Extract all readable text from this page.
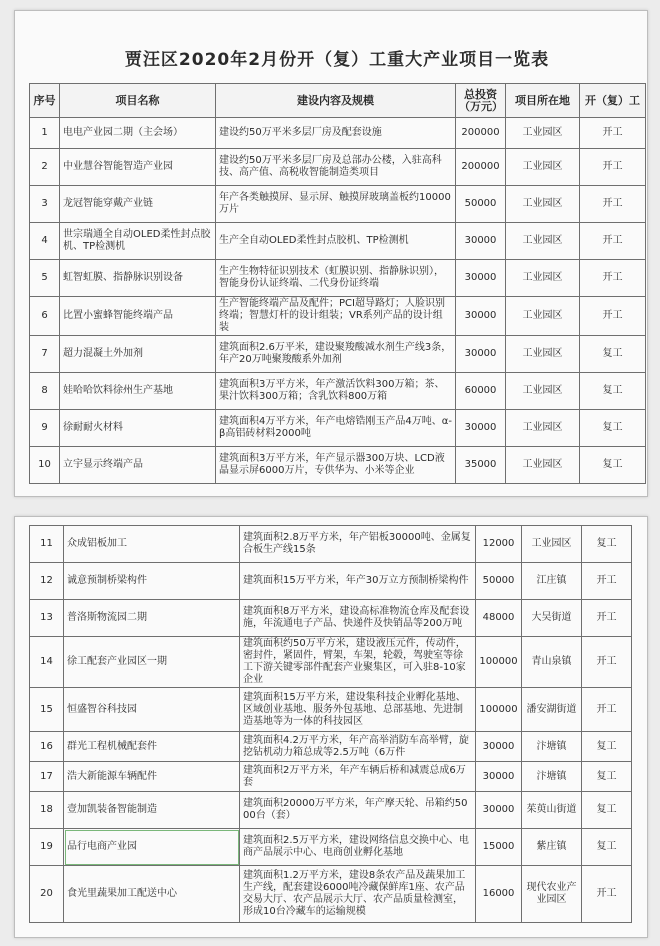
贾汪区2020年2月份开（复）工重大产业项目一览表
序号	项目名称	建设内容及规模	总投资（万元）	项目所在地	开（复）工
1	电电产业园二期（主会场）	建设约50万平米多层厂房及配套设施	200000	工业园区	开工
2	中业慧谷智能智造产业园	建设约50万平米多层厂房及总部办公楼，入驻高科技、高产值、高税收智能制造类项目	200000	工业园区	开工
3	龙冠智能穿戴产业链	年产各类触摸屏、显示屏、触摸屏玻璃盖板约10000万片	50000	工业园区	开工
4	世宗瑞通全自动OLED柔性封点胶机、TP检测机	生产全自动OLED柔性封点胶机、TP检测机	30000	工业园区	开工
5	虹智虹膜、指静脉识别设备	生产生物特征识别技术（虹膜识别、指静脉识别），智能身份认证终端、二代身份证终端	30000	工业园区	开工
6	比置小蜜蜂智能终端产品	生产智能终端产品及配件；PCI超导路灯；人脸识别终端；智慧灯杆的设计组装；VR系列产品的设计组装	30000	工业园区	开工
7	超力混凝土外加剂	建筑面积2.6万平米，建设聚羧酸减水剂生产线3条，年产20万吨聚羧酸系外加剂	30000	工业园区	复工
8	娃哈哈饮料徐州生产基地	建筑面积3万平方米，年产激活饮料300万箱；茶、果汁饮料300万箱；含乳饮料800万箱	60000	工业园区	复工
9	徐耐耐火材料	建筑面积4万平方米，年产电熔锆刚玉产品4万吨、α-β高铝砖材料2000吨	30000	工业园区	复工
10	立宇显示终端产品	建筑面积3万平方米，年产显示器300万块、LCD液晶显示屏6000万片，专供华为、小米等企业	35000	工业园区	复工
11	众成铝板加工	建筑面积2.8万平方米，年产铝板30000吨、金属复合板生产线15条	12000	工业园区	复工
12	诚意预制桥梁构件	建筑面积15万平方米，年产30万立方预制桥梁构件	50000	江庄镇	开工
13	普洛斯物流园二期	建筑面积8万平方米，建设高标准物流仓库及配套设施，年流通电子产品、快递件及快销品等200万吨	48000	大吴街道	开工
14	徐工配套产业园区一期	建筑面积约50万平方米，建设液压元件，传动件，密封件，紧固件，臂架，车架，轮毂，驾驶室等徐工下游关键零部件配套产业聚集区，可入驻8-10家企业	100000	青山泉镇	开工
15	恒盛智谷科技园	建筑面积15万平方米，建设集科技企业孵化基地、区域创业基地、服务外包基地、总部基地、先进制造基地等为一体的科技园区	100000	潘安湖街道	开工
16	群光工程机械配套件	建筑面积4.2万平方米，年产高举消防车高举臂，旋挖钻机动力箱总成等2.5万吨（6万件	30000	汴塘镇	复工
17	浩大新能源车辆配件	建筑面积2万平方米，年产车辆后桥和减震总成6万套	30000	汴塘镇	复工
18	壹加凯装备智能制造	建筑面积20000万平方米，年产摩天轮、吊箱约5000台（套）	30000	茱萸山街道	复工
19	品行电商产业园	建筑面积2.5万平方米，建设网络信息交换中心、电商产品展示中心、电商创业孵化基地	15000	紫庄镇	复工
20	食光里蔬果加工配送中心	建筑面积1.2万平方米，建设8条农产品及蔬果加工生产线，配套建设6000吨冷藏保鲜库1座、农产品交易大厅、农产品展示大厅、农产品质量检测室，形成10台冷藏车的运输规模	16000	现代农业产业园区	开工
